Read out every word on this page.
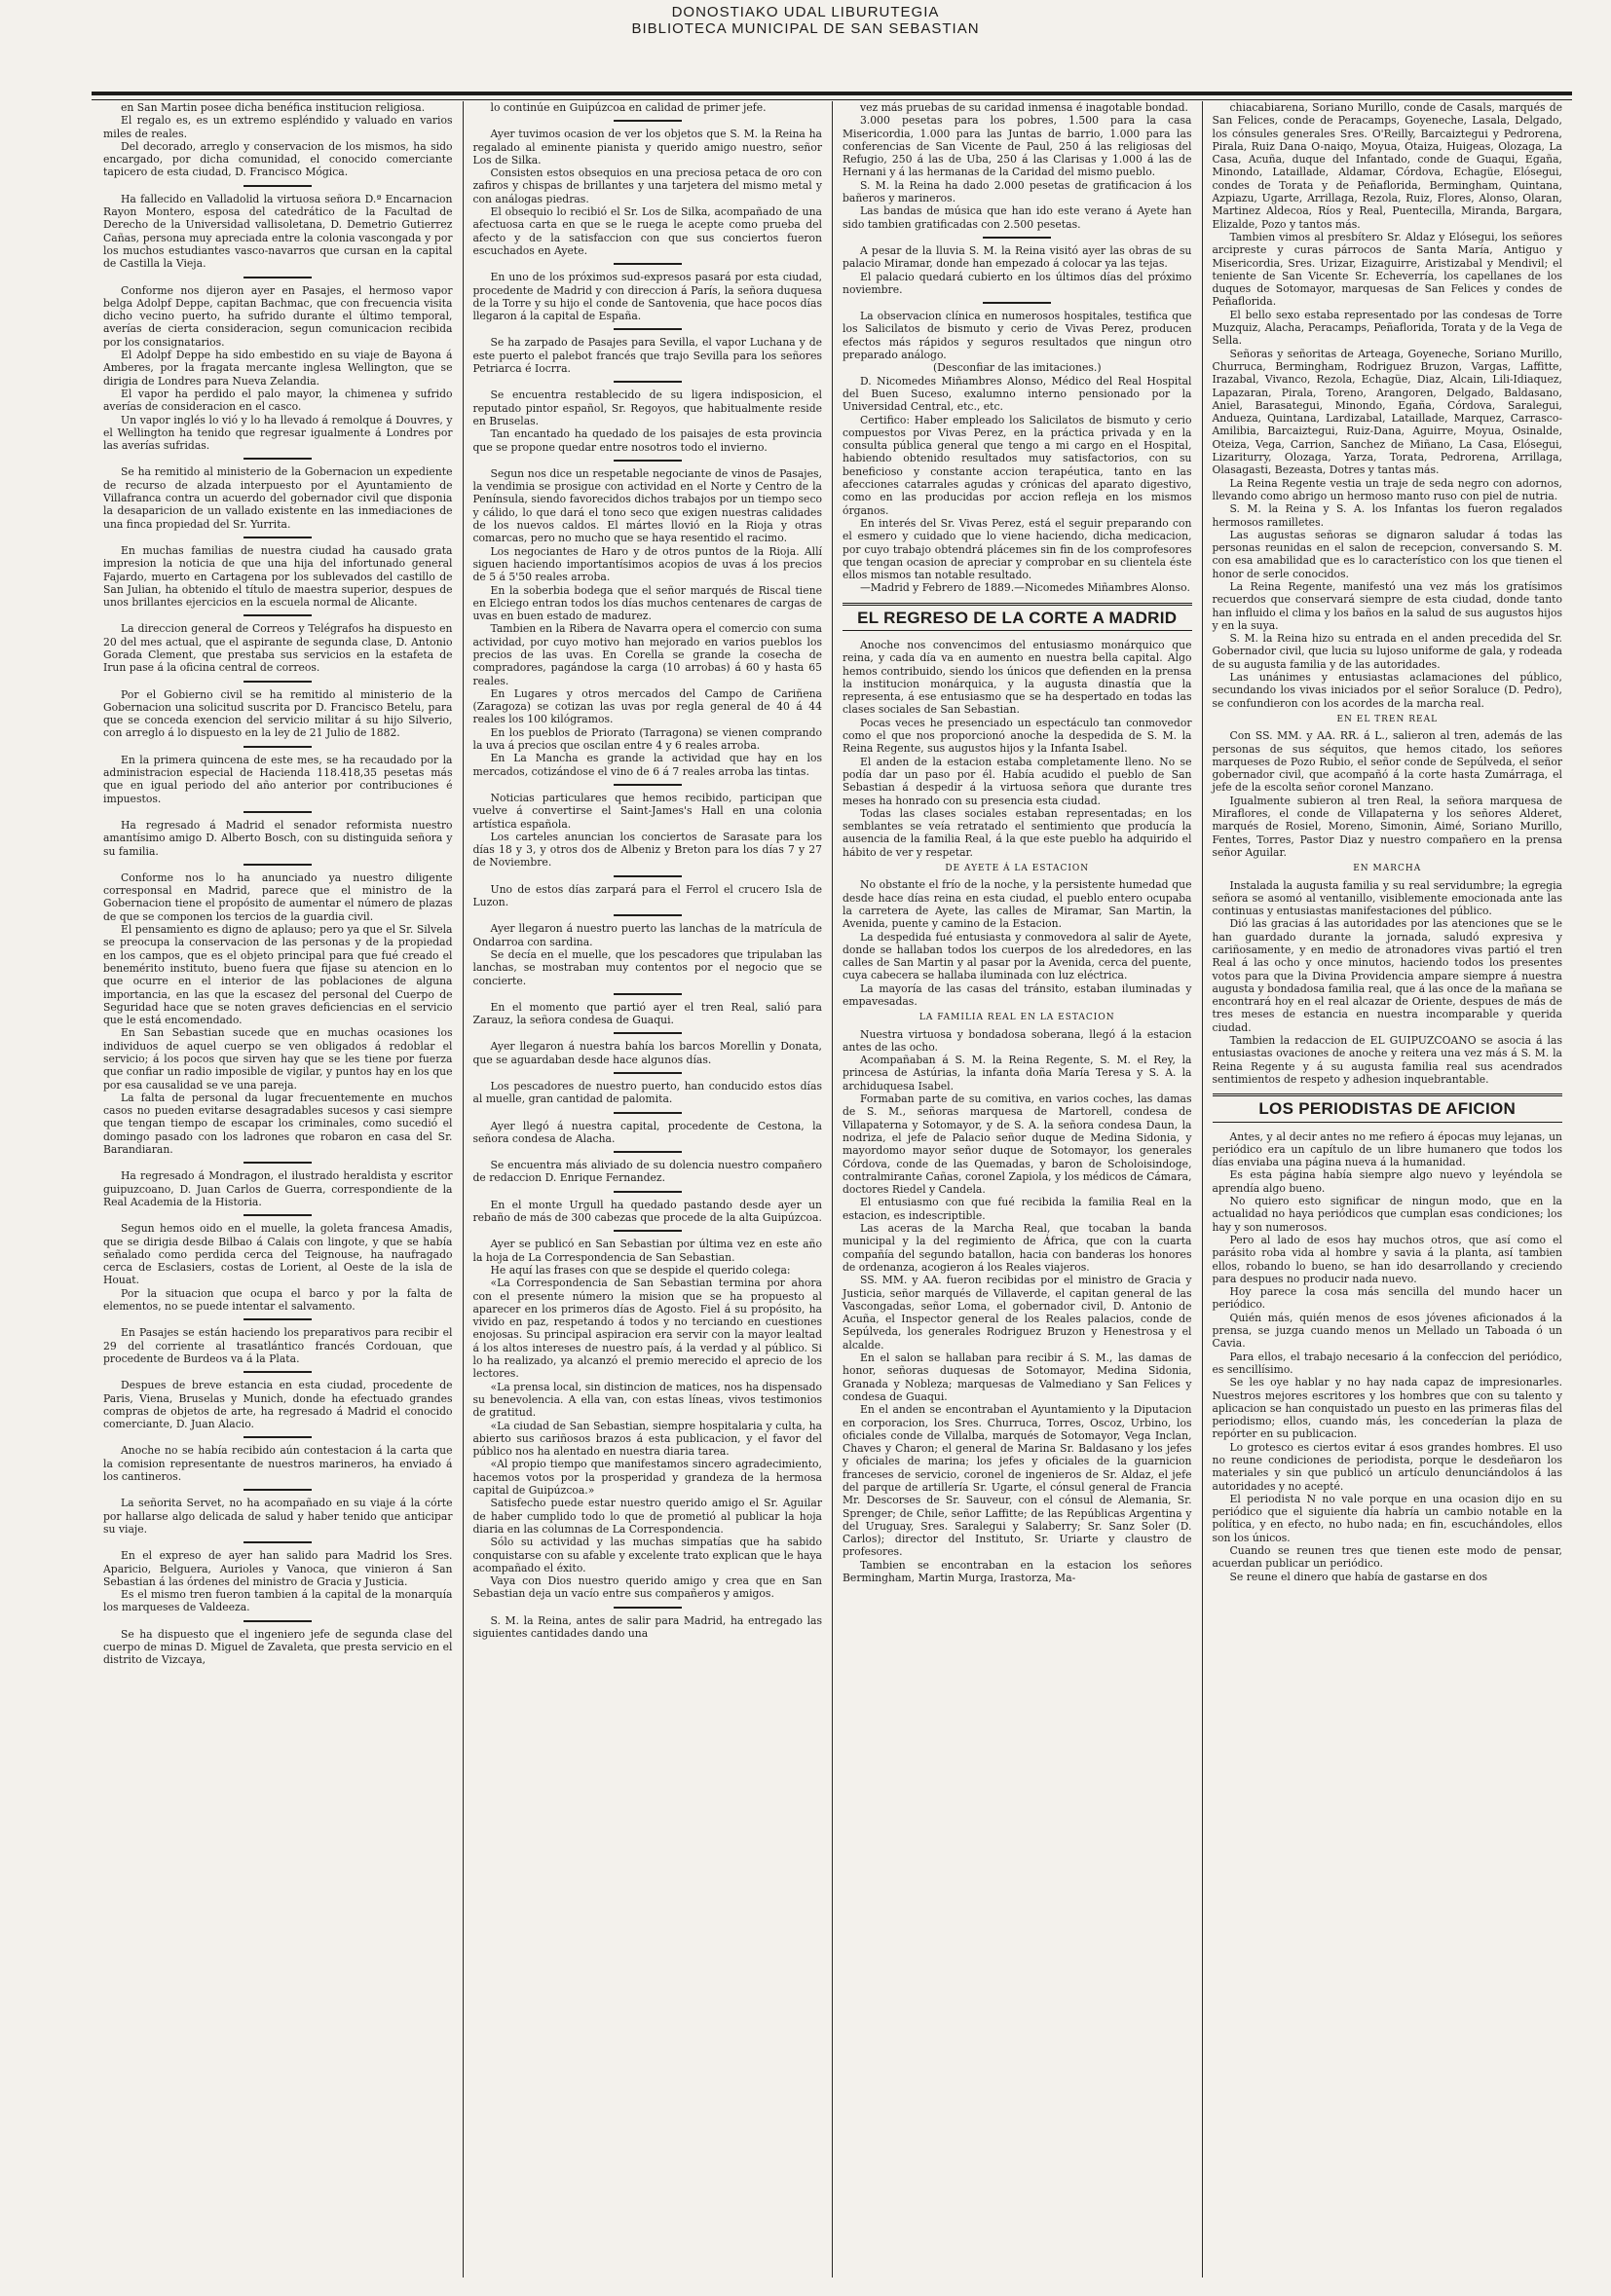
DONOSTIAKO UDAL LIBURUTEGIA
BIBLIOTECA MUNICIPAL DE SAN SEBASTIAN

en San Martin posee dicha benéfica institucion religiosa.

El regalo es, es un extremo espléndido y valuado en varios miles de reales.

Del decorado, arreglo y conservacion de los mismos, ha sido encargado, por dicha comunidad, el conocido comerciante tapicero de esta ciudad, D. Francisco Mógica.

Ha fallecido en Valladolid la virtuosa señora D.ª Encarnacion Rayon Montero, esposa del catedrático de la Facultad de Derecho de la Universidad vallisoletana, D. Demetrio Gutierrez Cañas, persona muy apreciada entre la colonia vascongada y por los muchos estudiantes vasco-navarros que cursan en la capital de Castilla la Vieja.

Conforme nos dijeron ayer en Pasajes, el hermoso vapor belga Adolpf Deppe, capitan Bachmac, que con frecuencia visita dicho vecino puerto, ha sufrido durante el último temporal, averías de cierta consideracion, segun comunicacion recibida por los consignatarios.

El Adolpf Deppe ha sido embestido en su viaje de Bayona á Amberes, por la fragata mercante inglesa Wellington, que se dirigia de Londres para Nueva Zelandia.

El vapor ha perdido el palo mayor, la chimenea y sufrido averías de consideracion en el casco.

Un vapor inglés lo vió y lo ha llevado á remolque á Douvres, y el Wellington ha tenido que regresar igualmente á Londres por las averías sufridas.

Se ha remitido al ministerio de la Gobernacion un expediente de recurso de alzada interpuesto por el Ayuntamiento de Villafranca contra un acuerdo del gobernador civil que disponia la desaparicion de un vallado existente en las inmediaciones de una finca propiedad del Sr. Yurrita.

En muchas familias de nuestra ciudad ha causado grata impresion la noticia de que una hija del infortunado general Fajardo, muerto en Cartagena por los sublevados del castillo de San Julian, ha obtenido el título de maestra superior, despues de unos brillantes ejercicios en la escuela normal de Alicante.

La direccion general de Correos y Telégrafos ha dispuesto en 20 del mes actual, que el aspirante de segunda clase, D. Antonio Gorada Clement, que prestaba sus servicios en la estafeta de Irun pase á la oficina central de correos.

Por el Gobierno civil se ha remitido al ministerio de la Gobernacion una solicitud suscrita por D. Francisco Betelu, para que se conceda exencion del servicio militar á su hijo Silverio, con arreglo á lo dispuesto en la ley de 21 Julio de 1882.

En la primera quincena de este mes, se ha recaudado por la administracion especial de Hacienda 118.418,35 pesetas más que en igual periodo del año anterior por contribuciones é impuestos.

Ha regresado á Madrid el senador reformista nuestro amantísimo amigo D. Alberto Bosch, con su distinguida señora y su familia.

Conforme nos lo ha anunciado ya nuestro diligente corresponsal en Madrid, parece que el ministro de la Gobernacion tiene el propósito de aumentar el número de plazas de que se componen los tercios de la guardia civil.

El pensamiento es digno de aplauso; pero ya que el Sr. Silvela se preocupa la conservacion de las personas y de la propiedad en los campos, que es el objeto principal para que fué creado el benemérito instituto, bueno fuera que fijase su atencion en lo que ocurre en el interior de las poblaciones de alguna importancia, en las que la escasez del personal del Cuerpo de Seguridad hace que se noten graves deficiencias en el servicio que le está encomendado.

En San Sebastian sucede que en muchas ocasiones los individuos de aquel cuerpo se ven obligados á redoblar el servicio; á los pocos que sirven hay que se les tiene por fuerza que confiar un radio imposible de vigilar, y puntos hay en los que por esa causalidad se ve una pareja.

La falta de personal da lugar frecuentemente en muchos casos no pueden evitarse desagradables sucesos y casi siempre que tengan tiempo de escapar los criminales, como sucedió el domingo pasado con los ladrones que robaron en casa del Sr. Barandiaran.

Ha regresado á Mondragon, el ilustrado heraldista y escritor guipuzcoano, D. Juan Carlos de Guerra, correspondiente de la Real Academia de la Historia.

Segun hemos oido en el muelle, la goleta francesa Amadis, que se dirigia desde Bilbao á Calais con lingote, y que se había señalado como perdida cerca del Teignouse, ha naufragado cerca de Esclasiers, costas de Lorient, al Oeste de la isla de Houat.

Por la situacion que ocupa el barco y por la falta de elementos, no se puede intentar el salvamento.

En Pasajes se están haciendo los preparativos para recibir el 29 del corriente al trasatlántico francés Cordouan, que procedente de Burdeos va á la Plata.

Despues de breve estancia en esta ciudad, procedente de Paris, Viena, Bruselas y Munich, donde ha efectuado grandes compras de objetos de arte, ha regresado á Madrid el conocido comerciante, D. Juan Alacio.

Anoche no se había recibido aún contestacion á la carta que la comision representante de nuestros marineros, ha enviado á los cantineros.

La señorita Servet, no ha acompañado en su viaje á la córte por hallarse algo delicada de salud y haber tenido que anticipar su viaje.

En el expreso de ayer han salido para Madrid los Sres. Aparicio, Belguera, Aurioles y Vanoca, que vinieron á San Sebastian á las órdenes del ministro de Gracia y Justicia.

Es el mismo tren fueron tambien á la capital de la monarquía los marqueses de Valdeeza.

Se ha dispuesto que el ingeniero jefe de segunda clase del cuerpo de minas D. Miguel de Zavaleta, que presta servicio en el distrito de Vizcaya,

lo continúe en Guipúzcoa en calidad de primer jefe.

Ayer tuvimos ocasion de ver los objetos que S. M. la Reina ha regalado al eminente pianista y querido amigo nuestro, señor Los de Silka.

Consisten estos obsequios en una preciosa petaca de oro con zafiros y chispas de brillantes y una tarjetera del mismo metal y con análogas piedras.

El obsequio lo recibió el Sr. Los de Silka, acompañado de una afectuosa carta en que se le ruega le acepte como prueba del afecto y de la satisfaccion con que sus conciertos fueron escuchados en Ayete.

En uno de los próximos sud-expresos pasará por esta ciudad, procedente de Madrid y con direccion á París, la señora duquesa de la Torre y su hijo el conde de Santovenia, que hace pocos días llegaron á la capital de España.

Se ha zarpado de Pasajes para Sevilla, el vapor Luchana y de este puerto el palebot francés que trajo Sevilla para los señores Petriarca é Iocrra.

Se encuentra restablecido de su ligera indisposicion, el reputado pintor español, Sr. Regoyos, que habitualmente reside en Bruselas.

Tan encantado ha quedado de los paisajes de esta provincia que se propone quedar entre nosotros todo el invierno.

Segun nos dice un respetable negociante de vinos de Pasajes, la vendimia se prosigue con actividad en el Norte y Centro de la Península, siendo favorecidos dichos trabajos por un tiempo seco y cálido, lo que dará el tono seco que exigen nuestras calidades de los nuevos caldos. El mártes llovió en la Rioja y otras comarcas, pero no mucho que se haya resentido el racimo.

Los negociantes de Haro y de otros puntos de la Rioja. Allí siguen haciendo importantísimos acopios de uvas á los precios de 5 á 5'50 reales arroba.

En la soberbia bodega que el señor marqués de Riscal tiene en Elciego entran todos los días muchos centenares de cargas de uvas en buen estado de madurez.

Tambien en la Ribera de Navarra opera el comercio con suma actividad, por cuyo motivo han mejorado en varios pueblos los precios de las uvas. En Corella se grande la cosecha de compradores, pagándose la carga (10 arrobas) á 60 y hasta 65 reales.

En Lugares y otros mercados del Campo de Cariñena (Zaragoza) se cotizan las uvas por regla general de 40 á 44 reales los 100 kilógramos.

En los pueblos de Priorato (Tarragona) se vienen comprando la uva á precios que oscilan entre 4 y 6 reales arroba.

En La Mancha es grande la actividad que hay en los mercados, cotizándose el vino de 6 á 7 reales arroba las tintas.

Noticias particulares que hemos recibido, participan que vuelve á convertirse el Saint-James's Hall en una colonia artística española.

Los carteles anuncian los conciertos de Sarasate para los días 18 y 3, y otros dos de Albeniz y Breton para los días 7 y 27 de Noviembre.

Uno de estos días zarpará para el Ferrol el crucero Isla de Luzon.

Ayer llegaron á nuestro puerto las lanchas de la matrícula de Ondarroa con sardina.

Se decía en el muelle, que los pescadores que tripulaban las lanchas, se mostraban muy contentos por el negocio que se concierte.

En el momento que partió ayer el tren Real, salió para Zarauz, la señora condesa de Guaqui.

Ayer llegaron á nuestra bahía los barcos Morellin y Donata, que se aguardaban desde hace algunos días.

Los pescadores de nuestro puerto, han conducido estos días al muelle, gran cantidad de palomita.

Ayer llegó á nuestra capital, procedente de Cestona, la señora condesa de Alacha.

Se encuentra más aliviado de su dolencia nuestro compañero de redaccion D. Enrique Fernandez.

En el monte Urgull ha quedado pastando desde ayer un rebaño de más de 300 cabezas que procede de la alta Guipúzcoa.

Ayer se publicó en San Sebastian por última vez en este año la hoja de La Correspondencia de San Sebastian.

He aquí las frases con que se despide el querido colega:

«La Correspondencia de San Sebastian termina por ahora con el presente número la mision que se ha propuesto al aparecer en los primeros días de Agosto. Fiel á su propósito, ha vivido en paz, respetando á todos y no terciando en cuestiones enojosas. Su principal aspiracion era servir con la mayor lealtad á los altos intereses de nuestro país, á la verdad y al público. Si lo ha realizado, ya alcanzó el premio merecido el aprecio de los lectores.

«La prensa local, sin distincion de matices, nos ha dispensado su benevolencia. A ella van, con estas líneas, vivos testimonios de gratitud.

«La ciudad de San Sebastian, siempre hospitalaria y culta, ha abierto sus cariñosos brazos á esta publicacion, y el favor del público nos ha alentado en nuestra diaria tarea.

«Al propio tiempo que manifestamos sincero agradecimiento, hacemos votos por la prosperidad y grandeza de la hermosa capital de Guipúzcoa.»

Satisfecho puede estar nuestro querido amigo el Sr. Aguilar de haber cumplido todo lo que de prometió al publicar la hoja diaria en las columnas de La Correspondencia.

Sólo su actividad y las muchas simpatías que ha sabido conquistarse con su afable y excelente trato explican que le haya acompañado el éxito.

Vaya con Dios nuestro querido amigo y crea que en San Sebastian deja un vacío entre sus compañeros y amigos.

S. M. la Reina, antes de salir para Madrid, ha entregado las siguientes cantidades dando una

vez más pruebas de su caridad inmensa é inagotable bondad.

3.000 pesetas para los pobres, 1.500 para la casa Misericordia, 1.000 para las Juntas de barrio, 1.000 para las conferencias de San Vicente de Paul, 250 á las religiosas del Refugio, 250 á las de Uba, 250 á las Clarisas y 1.000 á las de Hernani y á las hermanas de la Caridad del mismo pueblo.

S. M. la Reina ha dado 2.000 pesetas de gratificacion á los bañeros y marineros.

Las bandas de música que han ido este verano á Ayete han sido tambien gratificadas con 2.500 pesetas.

A pesar de la lluvia S. M. la Reina visitó ayer las obras de su palacio Miramar, donde han empezado á colocar ya las tejas.

El palacio quedará cubierto en los últimos días del próximo noviembre.

La observacion clínica en numerosos hospitales, testifica que los Salicilatos de bismuto y cerio de Vivas Perez, producen efectos más rápidos y seguros resultados que ningun otro preparado análogo.

(Desconfiar de las imitaciones.)

D. Nicomedes Miñambres Alonso, Médico del Real Hospital del Buen Suceso, exalumno interno pensionado por la Universidad Central, etc., etc.

Certifico: Haber empleado los Salicilatos de bismuto y cerio compuestos por Vivas Perez, en la práctica privada y en la consulta pública general que tengo a mi cargo en el Hospital, habiendo obtenido resultados muy satisfactorios, con su beneficioso y constante accion terapéutica, tanto en las afecciones catarrales agudas y crónicas del aparato digestivo, como en las producidas por accion refleja en los mismos órganos.

En interés del Sr. Vivas Perez, está el seguir preparando con el esmero y cuidado que lo viene haciendo, dicha medicacion, por cuyo trabajo obtendrá plácemes sin fin de los comprofesores que tengan ocasion de apreciar y comprobar en su clientela éste ellos mismos tan notable resultado.

—Madrid y Febrero de 1889.—Nicomedes Miñambres Alonso.

EL REGRESO DE LA CORTE A MADRID

Anoche nos convencimos del entusiasmo monárquico que reina, y cada día va en aumento en nuestra bella capital. Algo hemos contribuido, siendo los únicos que defienden en la prensa la institucion monárquica, y la augusta dinastía que la representa, á ese entusiasmo que se ha despertado en todas las clases sociales de San Sebastian.

Pocas veces he presenciado un espectáculo tan conmovedor como el que nos proporcionó anoche la despedida de S. M. la Reina Regente, sus augustos hijos y la Infanta Isabel.

El anden de la estacion estaba completamente lleno. No se podía dar un paso por él. Había acudido el pueblo de San Sebastian á despedir á la virtuosa señora que durante tres meses ha honrado con su presencia esta ciudad.

Todas las clases sociales estaban representadas; en los semblantes se veía retratado el sentimiento que producía la ausencia de la familia Real, á la que este pueblo ha adquirido el hábito de ver y respetar.

DE AYETE Á LA ESTACION

No obstante el frío de la noche, y la persistente humedad que desde hace días reina en esta ciudad, el pueblo entero ocupaba la carretera de Ayete, las calles de Miramar, San Martin, la Avenida, puente y camino de la Estacion.

La despedida fué entusiasta y conmovedora al salir de Ayete, donde se hallaban todos los cuerpos de los alrededores, en las calles de San Martin y al pasar por la Avenida, cerca del puente, cuya cabecera se hallaba iluminada con luz eléctrica.

La mayoría de las casas del tránsito, estaban iluminadas y empavesadas.

LA FAMILIA REAL EN LA ESTACION

Nuestra virtuosa y bondadosa soberana, llegó á la estacion antes de las ocho.

Acompañaban á S. M. la Reina Regente, S. M. el Rey, la princesa de Astúrias, la infanta doña María Teresa y S. A. la archiduquesa Isabel.

Formaban parte de su comitiva, en varios coches, las damas de S. M., señoras marquesa de Martorell, condesa de Villapaterna y Sotomayor, y de S. A. la señora condesa Daun, la nodriza, el jefe de Palacio señor duque de Medina Sidonia, y mayordomo mayor señor duque de Sotomayor, los generales Córdova, conde de las Quemadas, y baron de Scholoisindoge, contralmirante Cañas, coronel Zapiola, y los médicos de Cámara, doctores Riedel y Candela.

El entusiasmo con que fué recibida la familia Real en la estacion, es indescriptible.

Las aceras de la Marcha Real, que tocaban la banda municipal y la del regimiento de África, que con la cuarta compañía del segundo batallon, hacia con banderas los honores de ordenanza, acogieron á los Reales viajeros.

SS. MM. y AA. fueron recibidas por el ministro de Gracia y Justicia, señor marqués de Villaverde, el capitan general de las Vascongadas, señor Loma, el gobernador civil, D. Antonio de Acuña, el Inspector general de los Reales palacios, conde de Sepúlveda, los generales Rodriguez Bruzon y Henestrosa y el alcalde.

En el salon se hallaban para recibir á S. M., las damas de honor, señoras duquesas de Sotomayor, Medina Sidonia, Granada y Nobleza; marquesas de Valmediano y San Felices y condesa de Guaqui.

En el anden se encontraban el Ayuntamiento y la Diputacion en corporacion, los Sres. Churruca, Torres, Oscoz, Urbino, los oficiales conde de Villalba, marqués de Sotomayor, Vega Inclan, Chaves y Charon; el general de Marina Sr. Baldasano y los jefes y oficiales de marina; los jefes y oficiales de la guarnicion franceses de servicio, coronel de ingenieros de Sr. Aldaz, el jefe del parque de artillería Sr. Ugarte, el cónsul general de Francia Mr. Descorses de Sr. Sauveur, con el cónsul de Alemania, Sr. Sprenger; de Chile, señor Laffitte; de las Repúblicas Argentina y del Uruguay, Sres. Saralegui y Salaberry; Sr. Sanz Soler (D. Carlos); director del Instituto, Sr. Uriarte y claustro de profesores.

Tambien se encontraban en la estacion los señores Bermingham, Martin Murga, Irastorza, Ma-

chiacabiarena, Soriano Murillo, conde de Casals, marqués de San Felices, conde de Peracamps, Goyeneche, Lasala, Delgado, los cónsules generales Sres. O'Reilly, Barcaiztegui y Pedrorena, Pirala, Ruiz Dana O-naiqo, Moyua, Otaiza, Huigeas, Olozaga, La Casa, Acuña, duque del Infantado, conde de Guaqui, Egaña, Minondo, Lataillade, Aldamar, Córdova, Echagüe, Elósegui, condes de Torata y de Peñaflorida, Bermingham, Quintana, Azpiazu, Ugarte, Arrillaga, Rezola, Ruiz, Flores, Alonso, Olaran, Martinez Aldecoa, Ríos y Real, Puentecilla, Miranda, Bargara, Elizalde, Pozo y tantos más.

Tambien vimos al presbítero Sr. Aldaz y Elósegui, los señores arcipreste y curas párrocos de Santa María, Antiguo y Misericordia, Sres. Urizar, Eizaguirre, Aristizabal y Mendivil; el teniente de San Vicente Sr. Echeverría, los capellanes de los duques de Sotomayor, marquesas de San Felices y condes de Peñaflorida.

El bello sexo estaba representado por las condesas de Torre Muzquiz, Alacha, Peracamps, Peñaflorida, Torata y de la Vega de Sella.

Señoras y señoritas de Arteaga, Goyeneche, Soriano Murillo, Churruca, Bermingham, Rodriguez Bruzon, Vargas, Laffitte, Irazabal, Vivanco, Rezola, Echagüe, Diaz, Alcain, Lili-Idiaquez, Lapazaran, Pirala, Toreno, Arangoren, Delgado, Baldasano, Aniel, Barasategui, Minondo, Egaña, Córdova, Saralegui, Andueza, Quintana, Lardizabal, Lataillade, Marquez, Carrasco-Amilibia, Barcaiztegui, Ruiz-Dana, Aguirre, Moyua, Osinalde, Oteiza, Vega, Carrion, Sanchez de Miñano, La Casa, Elósegui, Lizariturry, Olozaga, Yarza, Torata, Pedrorena, Arrillaga, Olasagasti, Bezeasta, Dotres y tantas más.

La Reina Regente vestia un traje de seda negro con adornos, llevando como abrigo un hermoso manto ruso con piel de nutria.

S. M. la Reina y S. A. los Infantas los fueron regalados hermosos ramilletes.

Las augustas señoras se dignaron saludar á todas las personas reunidas en el salon de recepcion, conversando S. M. con esa amabilidad que es lo característico con los que tienen el honor de serle conocidos.

La Reina Regente, manifestó una vez más los gratísimos recuerdos que conservará siempre de esta ciudad, donde tanto han influido el clima y los baños en la salud de sus augustos hijos y en la suya.

S. M. la Reina hizo su entrada en el anden precedida del Sr. Gobernador civil, que lucia su lujoso uniforme de gala, y rodeada de su augusta familia y de las autoridades.

Las unánimes y entusiastas aclamaciones del público, secundando los vivas iniciados por el señor Soraluce (D. Pedro), se confundieron con los acordes de la marcha real.

EN EL TREN REAL

Con SS. MM. y AA. RR. á L., salieron al tren, además de las personas de sus séquitos, que hemos citado, los señores marqueses de Pozo Rubio, el señor conde de Sepúlveda, el señor gobernador civil, que acompañó á la corte hasta Zumárraga, el jefe de la escolta señor coronel Manzano.

Igualmente subieron al tren Real, la señora marquesa de Miraflores, el conde de Villapaterna y los señores Alderet, marqués de Rosiel, Moreno, Simonin, Aimé, Soriano Murillo, Fentes, Torres, Pastor Diaz y nuestro compañero en la prensa señor Aguilar.

EN MARCHA

Instalada la augusta familia y su real servidumbre; la egregia señora se asomó al ventanillo, visiblemente emocionada ante las continuas y entusiastas manifestaciones del público.

Dió las gracias á las autoridades por las atenciones que se le han guardado durante la jornada, saludó expresiva y cariñosamente, y en medio de atronadores vivas partió el tren Real á las ocho y once minutos, haciendo todos los presentes votos para que la Divina Providencia ampare siempre á nuestra augusta y bondadosa familia real, que á las once de la mañana se encontrará hoy en el real alcazar de Oriente, despues de más de tres meses de estancia en nuestra incomparable y querida ciudad.

Tambien la redaccion de EL GUIPUZCOANO se asocia á las entusiastas ovaciones de anoche y reitera una vez más á S. M. la Reina Regente y á su augusta familia real sus acendrados sentimientos de respeto y adhesion inquebrantable.

LOS PERIODISTAS DE AFICION

Antes, y al decir antes no me refiero á épocas muy lejanas, un periódico era un capítulo de un libre humanero que todos los días enviaba una página nueva á la humanidad.

Es esta página había siempre algo nuevo y leyéndola se aprendía algo bueno.

No quiero esto significar de ningun modo, que en la actualidad no haya periódicos que cumplan esas condiciones; los hay y son numerosos.

Pero al lado de esos hay muchos otros, que así como el parásito roba vida al hombre y savia á la planta, así tambien ellos, robando lo bueno, se han ido desarrollando y creciendo para despues no producir nada nuevo.

Hoy parece la cosa más sencilla del mundo hacer un periódico.

Quién más, quién menos de esos jóvenes aficionados á la prensa, se juzga cuando menos un Mellado un Taboada ó un Cavia.

Para ellos, el trabajo necesario á la confeccion del periódico, es sencillísimo.

Se les oye hablar y no hay nada capaz de impresionarles. Nuestros mejores escritores y los hombres que con su talento y aplicacion se han conquistado un puesto en las primeras filas del periodismo; ellos, cuando más, les concederían la plaza de repórter en su publicacion.

Lo grotesco es ciertos evitar á esos grandes hombres. El uso no reune condiciones de periodista, porque le desdeñaron los materiales y sin que publicó un artículo denunciándolos á las autoridades y no acepté.

El periodista N no vale porque en una ocasion dijo en su periódico que el siguiente día habría un cambio notable en la política, y en efecto, no hubo nada; en fin, escuchándoles, ellos son los únicos.

Cuando se reunen tres que tienen este modo de pensar, acuerdan publicar un periódico.

Se reune el dinero que había de gastarse en dos
